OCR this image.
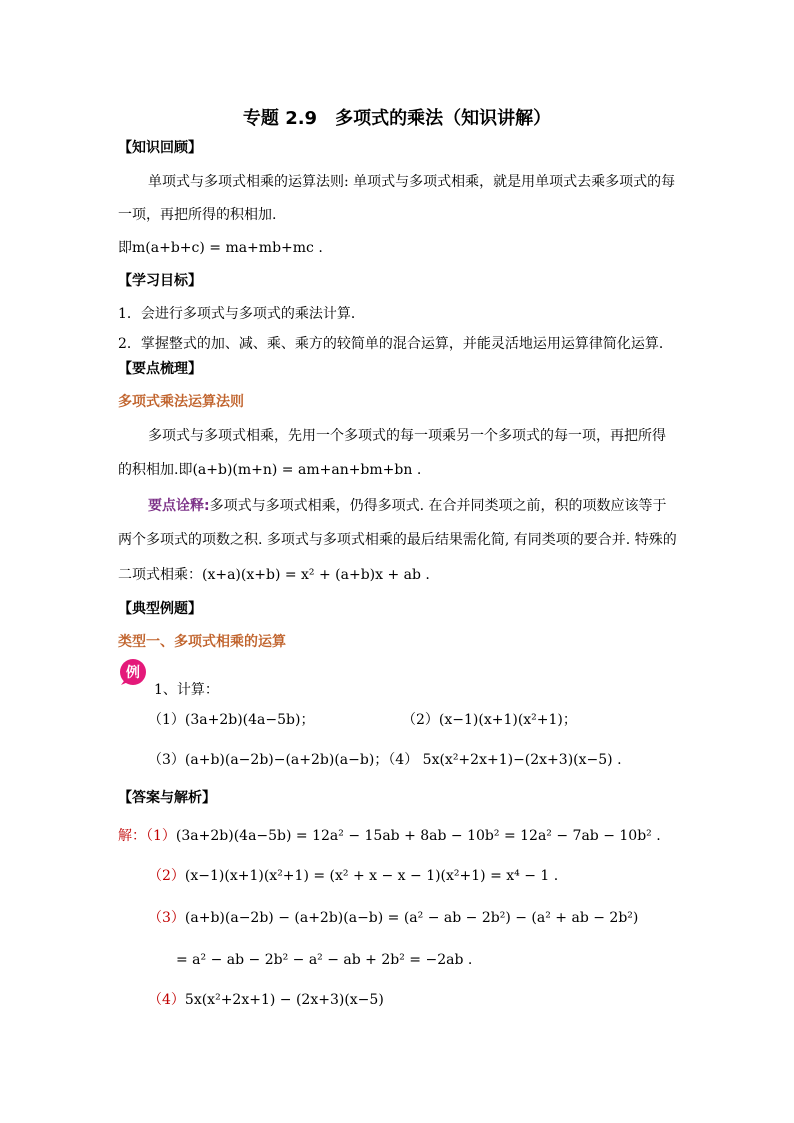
专题 2.9　多项式的乘法（知识讲解）
【知识回顾】
单项式与多项式相乘的运算法则: 单项式与多项式相乘，就是用单项式去乘多项式的每
一项，再把所得的积相加.
即m(a+b+c) = ma+mb+mc .
【学习目标】
1．会进行多项式与多项式的乘法计算．
2．掌握整式的加、减、乘、乘方的较简单的混合运算，并能灵活地运用运算律简化运算．
【要点梳理】
多项式乘法运算法则
多项式与多项式相乘，先用一个多项式的每一项乘另一个多项式的每一项，再把所得
的积相加.即(a+b)(m+n) = am+an+bm+bn .
要点诠释:多项式与多项式相乘，仍得多项式. 在合并同类项之前，积的项数应该等于
两个多项式的项数之积. 多项式与多项式相乘的最后结果需化简, 有同类项的要合并. 特殊的
二项式相乘：(x+a)(x+b) = x² + (a+b)x + ab .
【典型例题】
类型一、多项式相乘的运算
例
1、计算：
（1）(3a+2b)(4a−5b)；	（2）(x−1)(x+1)(x²+1)；
（3）(a+b)(a−2b)−(a+2b)(a−b)；（4） 5x(x²+2x+1)−(2x+3)(x−5) .
【答案与解析】
解：（1）(3a+2b)(4a−5b) = 12a² − 15ab + 8ab − 10b² = 12a² − 7ab − 10b² .
（2）(x−1)(x+1)(x²+1) = (x² + x − x − 1)(x²+1) = x⁴ − 1 .
（3）(a+b)(a−2b) − (a+2b)(a−b) = (a² − ab − 2b²) − (a² + ab − 2b²)
= a² − ab − 2b² − a² − ab + 2b² = −2ab .
（4）5x(x²+2x+1) − (2x+3)(x−5)
